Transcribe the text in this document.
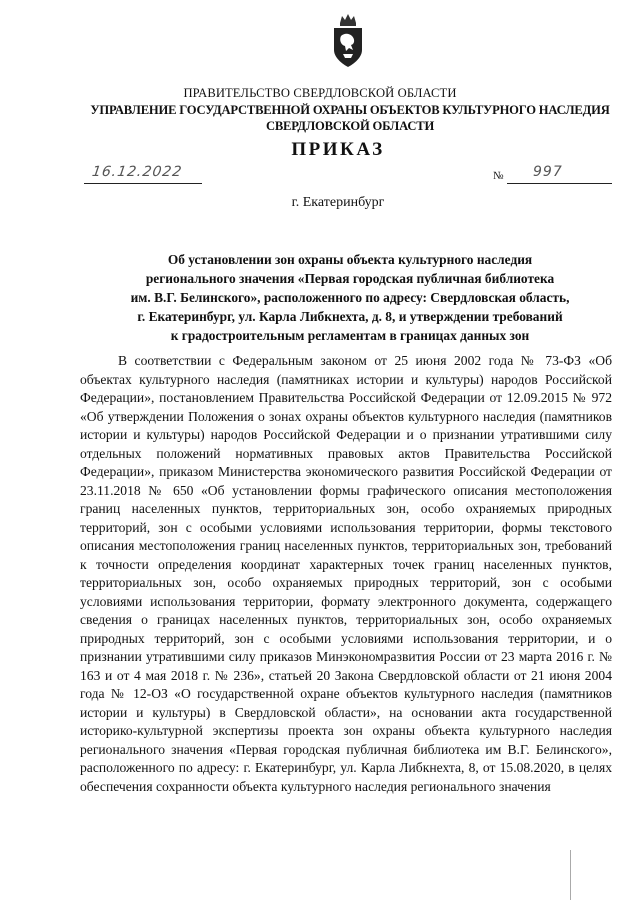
ПРАВИТЕЛЬСТВО СВЕРДЛОВСКОЙ ОБЛАСТИ
УПРАВЛЕНИЕ ГОСУДАРСТВЕННОЙ ОХРАНЫ ОБЪЕКТОВ КУЛЬТУРНОГО НАСЛЕДИЯ
СВЕРДЛОВСКОЙ ОБЛАСТИ
ПРИКАЗ
16.12.2022	№ 997
г. Екатеринбург
Об установлении зон охраны объекта культурного наследия
регионального значения «Первая городская публичная библиотека
им. В.Г. Белинского», расположенного по адресу: Свердловская область,
г. Екатеринбург, ул. Карла Либкнехта, д. 8, и утверждении требований
к градостроительным регламентам в границах данных зон

В соответствии с Федеральным законом от 25 июня 2002 года № 73-ФЗ «Об объектах культурного наследия (памятниках истории и культуры) народов Российской Федерации», постановлением Правительства Российской Федерации от 12.09.2015 № 972 «Об утверждении Положения о зонах охраны объектов культурного наследия (памятников истории и культуры) народов Российской Федерации и о признании утратившими силу отдельных положений нормативных правовых актов Правительства Российской Федерации», приказом Министерства экономического развития Российской Федерации от 23.11.2018 № 650 «Об установлении формы графического описания местоположения границ населенных пунктов, территориальных зон, особо охраняемых природных территорий, зон с особыми условиями использования территории, формы текстового описания местоположения границ населенных пунктов, территориальных зон, требований к точности определения координат характерных точек границ населенных пунктов, территориальных зон, особо охраняемых природных территорий, зон с особыми условиями использования территории, формату электронного документа, содержащего сведения о границах населенных пунктов, территориальных зон, особо охраняемых природных территорий, зон с особыми условиями использования территории, и о признании утратившими силу приказов Минэкономразвития России от 23 марта 2016 г. № 163 и от 4 мая 2018 г. № 236», статьей 20 Закона Свердловской области от 21 июня 2004 года № 12-ОЗ «О государственной охране объектов культурного наследия (памятников истории и культуры) в Свердловской области», на основании акта государственной историко-культурной экспертизы проекта зон охраны объекта культурного наследия регионального значения «Первая городская публичная библиотека им В.Г. Белинского», расположенного по адресу: г. Екатеринбург, ул. Карла Либкнехта, 8, от 15.08.2020, в целях обеспечения сохранности объекта культурного наследия регионального значения
